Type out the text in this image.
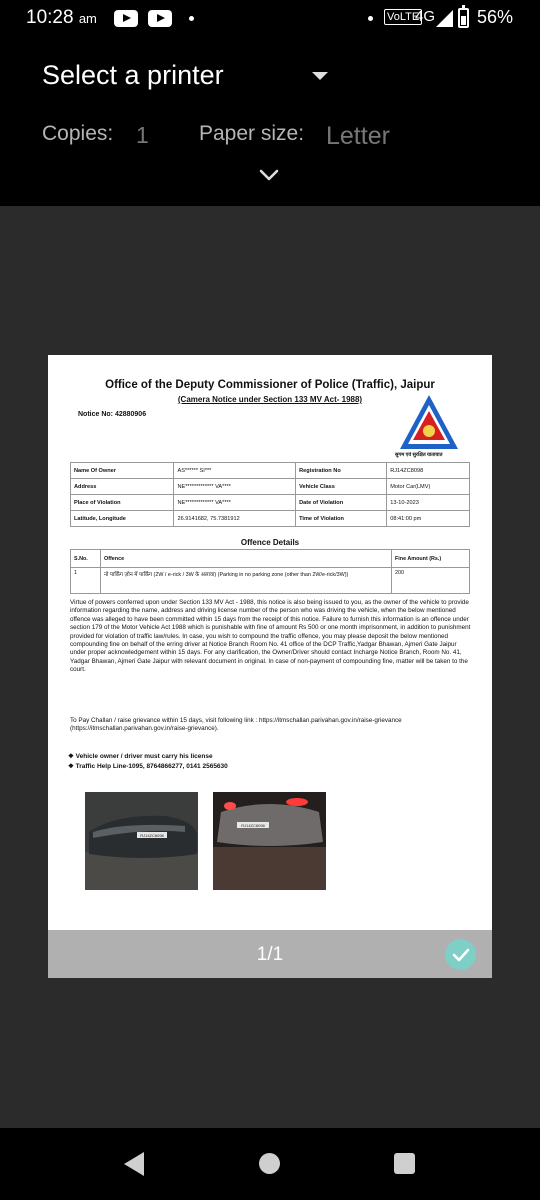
10:28 am	VoLTE
4G 56%
Select a printer
Copies: 1 Paper size: Letter
Office of the Deputy Commissioner of Police (Traffic), Jaipur
(Camera Notice under Section 133 MV Act- 1988)
Notice No: 42880906
सुगम एवं सुरक्षित यातायात
Name Of Owner	AS****** SI***	Registration No	RJ14ZC8098
Address	NE************* VA****	Vehicle Class	Motor Car(LMV)
Place of Violation	NE************* VA****	Date of Violation	13-10-2023
Latitude, Longitude	26.9141682, 75.7381912	Time of Violation	08:41:00 pm
Offence Details
S.No.	Offence	Fine Amount (Rs.)
1	नो पार्किंग ज़ोन में पार्किंग (2W / e-rick / 3W के अलावा) (Parking in no parking zone (other than 2W/e-rick/3W))	200
Virtue of powers conferred upon under Section 133 MV Act - 1988, this notice is also being issued to you, as the owner of the vehicle to provide information regarding the name, address and driving license number of the person who was driving the vehicle, when the below mentioned offence was alleged to have been committed within 15 days from the receipt of this notice. Failure to furnish this information is an offence under section 179 of the Motor Vehicle Act 1988 which is punishable with fine of amount Rs 500 or one month imprisonment, in addition to punishment provided for violation of traffic law/rules. In case, you wish to compound the traffic offence, you may please deposit the below mentioned compounding fine on behalf of the erring driver at Notice Branch Room No. 41 office of the DCP Traffic,Yadgar Bhawan, Ajmeri Gate Jaipur under proper acknowledgement within 15 days. For any clarification, the Owner/Driver should contact Incharge Notice Branch, Room No. 41, Yadgar Bhawan, Ajmeri Gate Jaipur with relevant document in original. In case of non-payment of compounding fine, matter will be taken to the court.
To Pay Challan / raise grievance within 15 days, visit following link : https://itmschallan.parivahan.gov.in/raise-grievance (https://itmschallan.parivahan.gov.in/raise-grievance).
❖ Vehicle owner / driver must carry his license
❖ Traffic Help Line-1095, 8764866277, 0141 2565630
RJ14ZC8098
RJ14ZC8098
1/1
